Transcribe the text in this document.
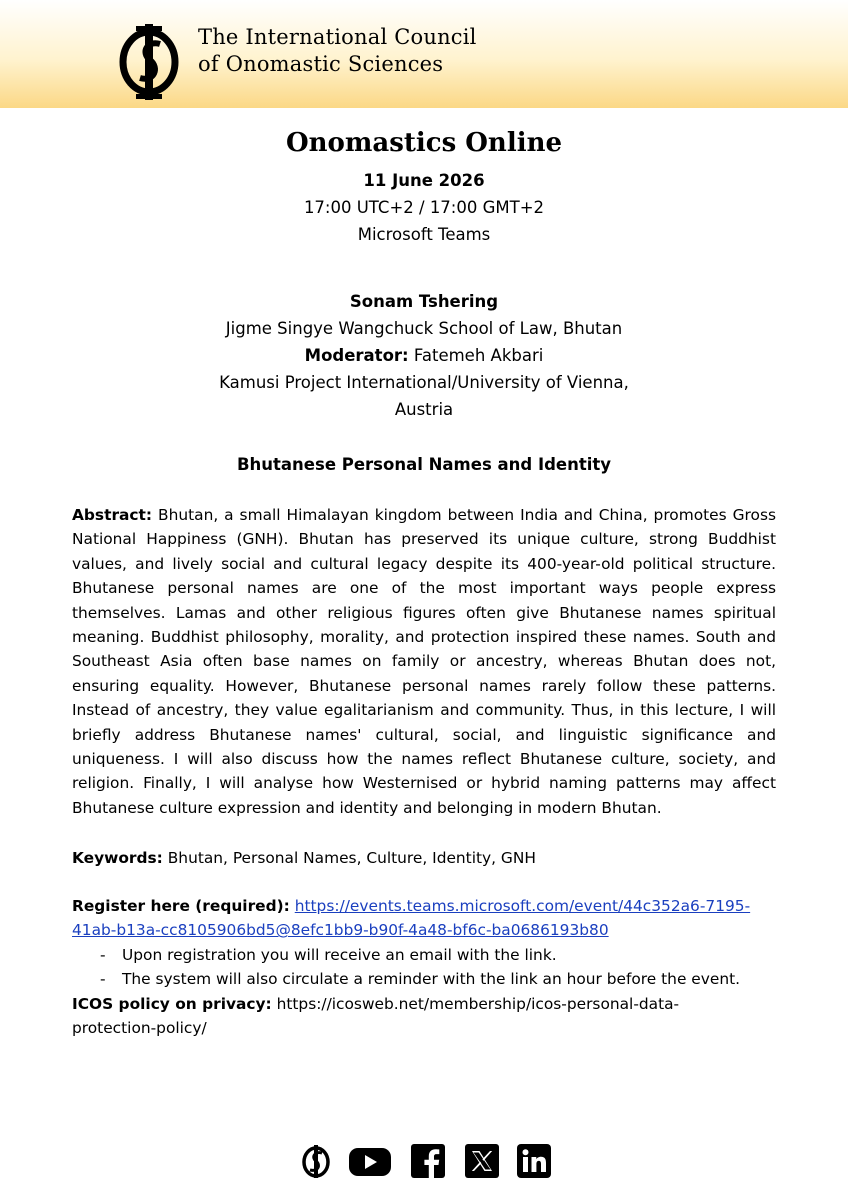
The International Council
of Onomastic Sciences
Onomastics Online
11 June 2026
17:00 UTC+2 / 17:00 GMT+2
Microsoft Teams
Sonam Tshering
Jigme Singye Wangchuck School of Law, Bhutan
Moderator: Fatemeh Akbari
Kamusi Project International/University of Vienna,
Austria
Bhutanese Personal Names and Identity
Abstract: Bhutan, a small Himalayan kingdom between India and China, promotes Gross National Happiness (GNH). Bhutan has preserved its unique culture, strong Buddhist values, and lively social and cultural legacy despite its 400-year-old political structure. Bhutanese personal names are one of the most important ways people express themselves. Lamas and other religious figures often give Bhutanese names spiritual meaning. Buddhist philosophy, morality, and protection inspired these names. South and Southeast Asia often base names on family or ancestry, whereas Bhutan does not, ensuring equality. However, Bhutanese personal names rarely follow these patterns. Instead of ancestry, they value egalitarianism and community. Thus, in this lecture, I will briefly address Bhutanese names' cultural, social, and linguistic significance and uniqueness. I will also discuss how the names reflect Bhutanese culture, society, and religion. Finally, I will analyse how Westernised or hybrid naming patterns may affect Bhutanese culture expression and identity and belonging in modern Bhutan.
Keywords: Bhutan, Personal Names, Culture, Identity, GNH
Register here (required): https://events.teams.microsoft.com/event/44c352a6-7195-
41ab-b13a-cc8105906bd5@8efc1bb9-b90f-4a48-bf6c-ba0686193b80
- Upon registration you will receive an email with the link.
- The system will also circulate a reminder with the link an hour before the event.
ICOS policy on privacy: https://icosweb.net/membership/icos-personal-data-
protection-policy/
